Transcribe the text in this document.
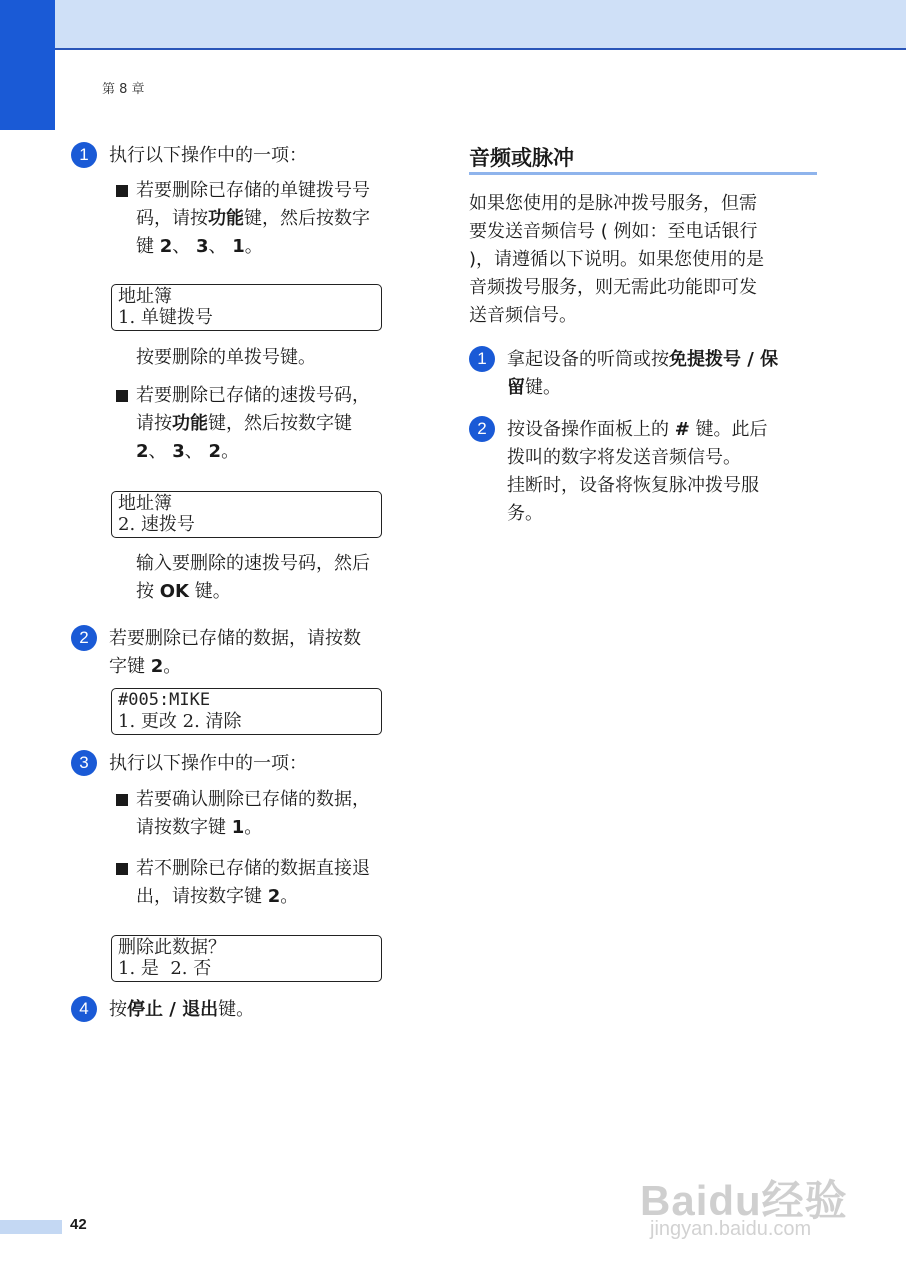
第 8 章
1	执行以下操作中的一项：
若要删除已存储的单键拨号号
码，请按功能键，然后按数字
键 2、 3、 1。
地址簿
1. 单键拨号
按要删除的单拨号键。
若要删除已存储的速拨号码，
请按功能键，然后按数字键
2、 3、 2。
地址簿
2. 速拨号
输入要删除的速拨号码，然后
按 OK 键。
2	若要删除已存储的数据，请按数
字键 2。
#005:MIKE
1. 更改 2. 清除
3	执行以下操作中的一项：
若要确认删除已存储的数据，
请按数字键 1。
若不删除已存储的数据直接退
出，请按数字键 2。
删除此数据？
1. 是  2. 否
4	按停止 / 退出键。
音频或脉冲
如果您使用的是脉冲拨号服务，但需
要发送音频信号 ( 例如：至电话银行
)，请遵循以下说明。如果您使用的是
音频拨号服务，则无需此功能即可发
送音频信号。
1	拿起设备的听筒或按免提拨号 / 保
留键。
2	按设备操作面板上的 # 键。此后
拨叫的数字将发送音频信号。
挂断时，设备将恢复脉冲拨号服
务。
42
Baidu经验
jingyan.baidu.com
